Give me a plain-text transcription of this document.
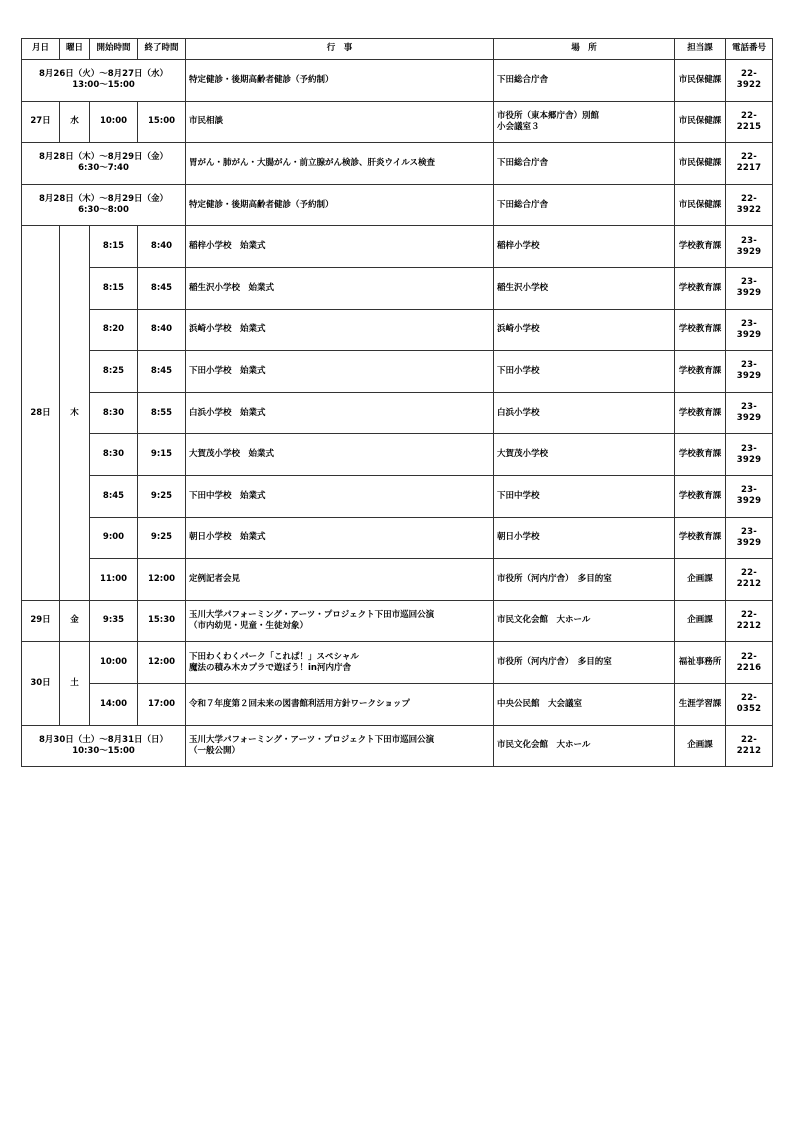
月日	曜日	開始時間	終了時間	行　事	場　所	担当課	電話番号

8月26日（火）～8月27日（水）
13:00～15:00				特定健診・後期高齢者健診（予約制）	下田総合庁舎	市民保健課	22-3922
27日	水	10:00	15:00	市民相談	市役所（東本郷庁舎）別館
小会議室３	市民保健課	22-2215

8月28日（木）～8月29日（金）
6:30～7:40				胃がん・肺がん・大腸がん・前立腺がん検診、肝炎ウイルス検査	下田総合庁舎	市民保健課	22-2217

8月28日（木）～8月29日（金）
6:30～8:00				特定健診・後期高齢者健診（予約制）	下田総合庁舎	市民保健課	22-3922
28日	木	8:15	8:40	稲梓小学校　始業式	稲梓小学校	学校教育課	23-3929
		8:15	8:45	稲生沢小学校　始業式	稲生沢小学校	学校教育課	23-3929
		8:20	8:40	浜崎小学校　始業式	浜崎小学校	学校教育課	23-3929
		8:25	8:45	下田小学校　始業式	下田小学校	学校教育課	23-3929
		8:30	8:55	白浜小学校　始業式	白浜小学校	学校教育課	23-3929
		8:30	9:15	大賀茂小学校　始業式	大賀茂小学校	学校教育課	23-3929
		8:45	9:25	下田中学校　始業式	下田中学校	学校教育課	23-3929
		9:00	9:25	朝日小学校　始業式	朝日小学校	学校教育課	23-3929
		11:00	12:00	定例記者会見	市役所（河内庁舎）　多目的室	企画課	22-2212
29日	金	9:35	15:30	玉川大学パフォーミング・アーツ・プロジェクト下田市巡回公演
（市内幼児・児童・生徒対象）	市民文化会館　大ホール	企画課	22-2212
30日	土	10:00	12:00	下田わくわくパーク「これぱ！」スペシャル
魔法の積み木カプラで遊ぼう！in河内庁舎	市役所（河内庁舎）　多目的室	福祉事務所	22-2216
		14:00	17:00	令和７年度第２回未来の図書館利活用方針ワークショップ	中央公民館　大会議室	生涯学習課	22-0352

8月30日（土）～8月31日（日）
10:30～15:00				玉川大学パフォーミング・アーツ・プロジェクト下田市巡回公演
（一般公開）	市民文化会館　大ホール	企画課	22-2212
